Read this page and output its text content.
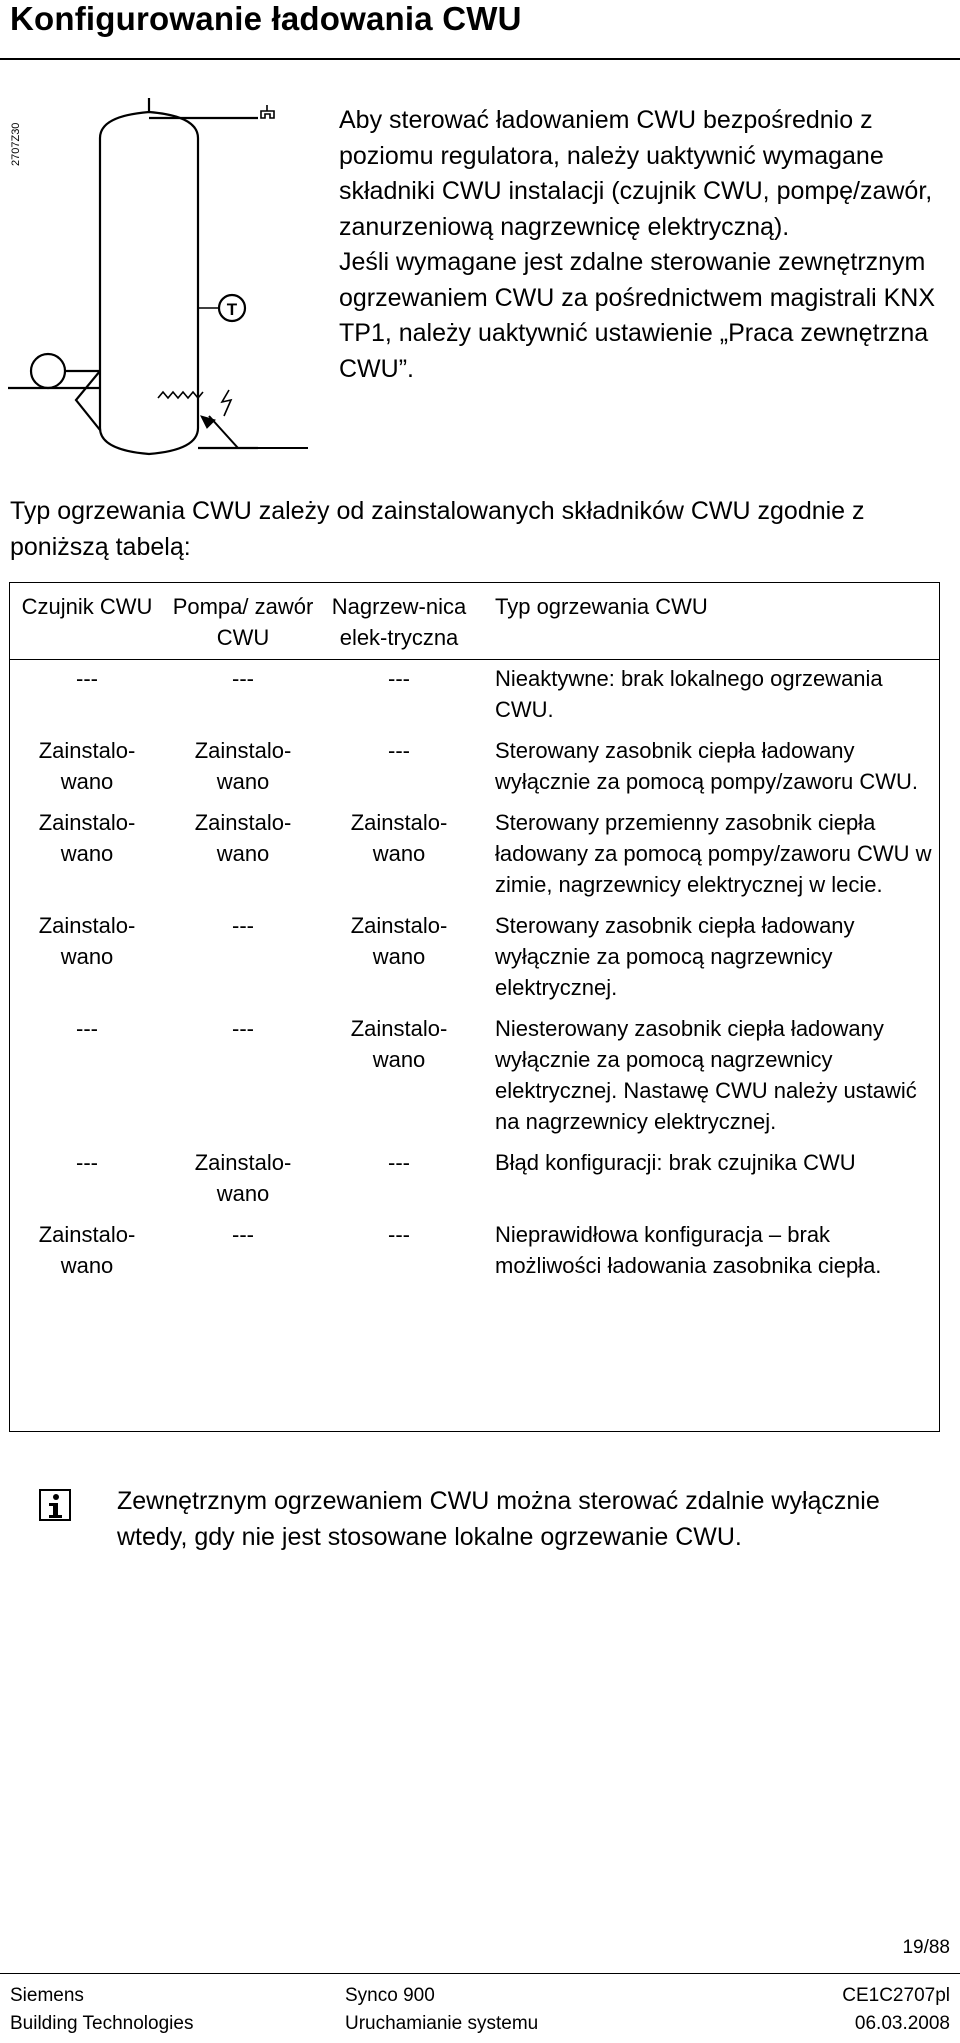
Konfigurowanie ładowania CWU
2707Z30
T

Aby sterować ładowaniem CWU bezpośrednio z poziomu regulatora, należy uaktywnić wymagane składniki CWU instalacji (czujnik CWU, pompę/zawór, zanurzeniową nagrzewnicę elektryczną).

Jeśli wymagane jest zdalne sterowanie zewnętrznym ogrzewaniem CWU za pośrednictwem magistrali KNX TP1, należy uaktywnić ustawienie „Praca zewnętrzna CWU”.

Typ ogrzewania CWU zależy od zainstalowanych składników CWU zgodnie z poniższą tabelą:
Czujnik CWU	Pompa/ zawór CWU	Nagrzew-nica elek-tryczna	Typ ogrzewania CWU
---	---	---	Nieaktywne: brak lokalnego ogrzewania CWU.
Zainstalo-wano	Zainstalo-wano	---	Sterowany zasobnik ciepła ładowany wyłącznie za pomocą pompy/zaworu CWU.
Zainstalo-wano	Zainstalo-wano	Zainstalo-wano	Sterowany przemienny zasobnik ciepła ładowany za pomocą pompy/zaworu CWU w zimie, nagrzewnicy elektrycznej w lecie.
Zainstalo-wano	---	Zainstalo-wano	Sterowany zasobnik ciepła ładowany wyłącznie za pomocą nagrzewnicy elektrycznej.
---	---	Zainstalo-wano	Niesterowany zasobnik ciepła ładowany wyłącznie za pomocą nagrzewnicy elektrycznej. Nastawę CWU należy ustawić na nagrzewnicy elektrycznej.
---	Zainstalo-wano	---	Błąd konfiguracji: brak czujnika CWU
Zainstalo-wano	---	---	Nieprawidłowa konfiguracja – brak możliwości ładowania zasobnika ciepła.
Zewnętrznym ogrzewaniem CWU można sterować zdalnie wyłącznie wtedy, gdy nie jest stosowane lokalne ogrzewanie CWU.
19/88
Siemens
Building Technologies
Synco 900
Uruchamianie systemu
CE1C2707pl
06.03.2008
